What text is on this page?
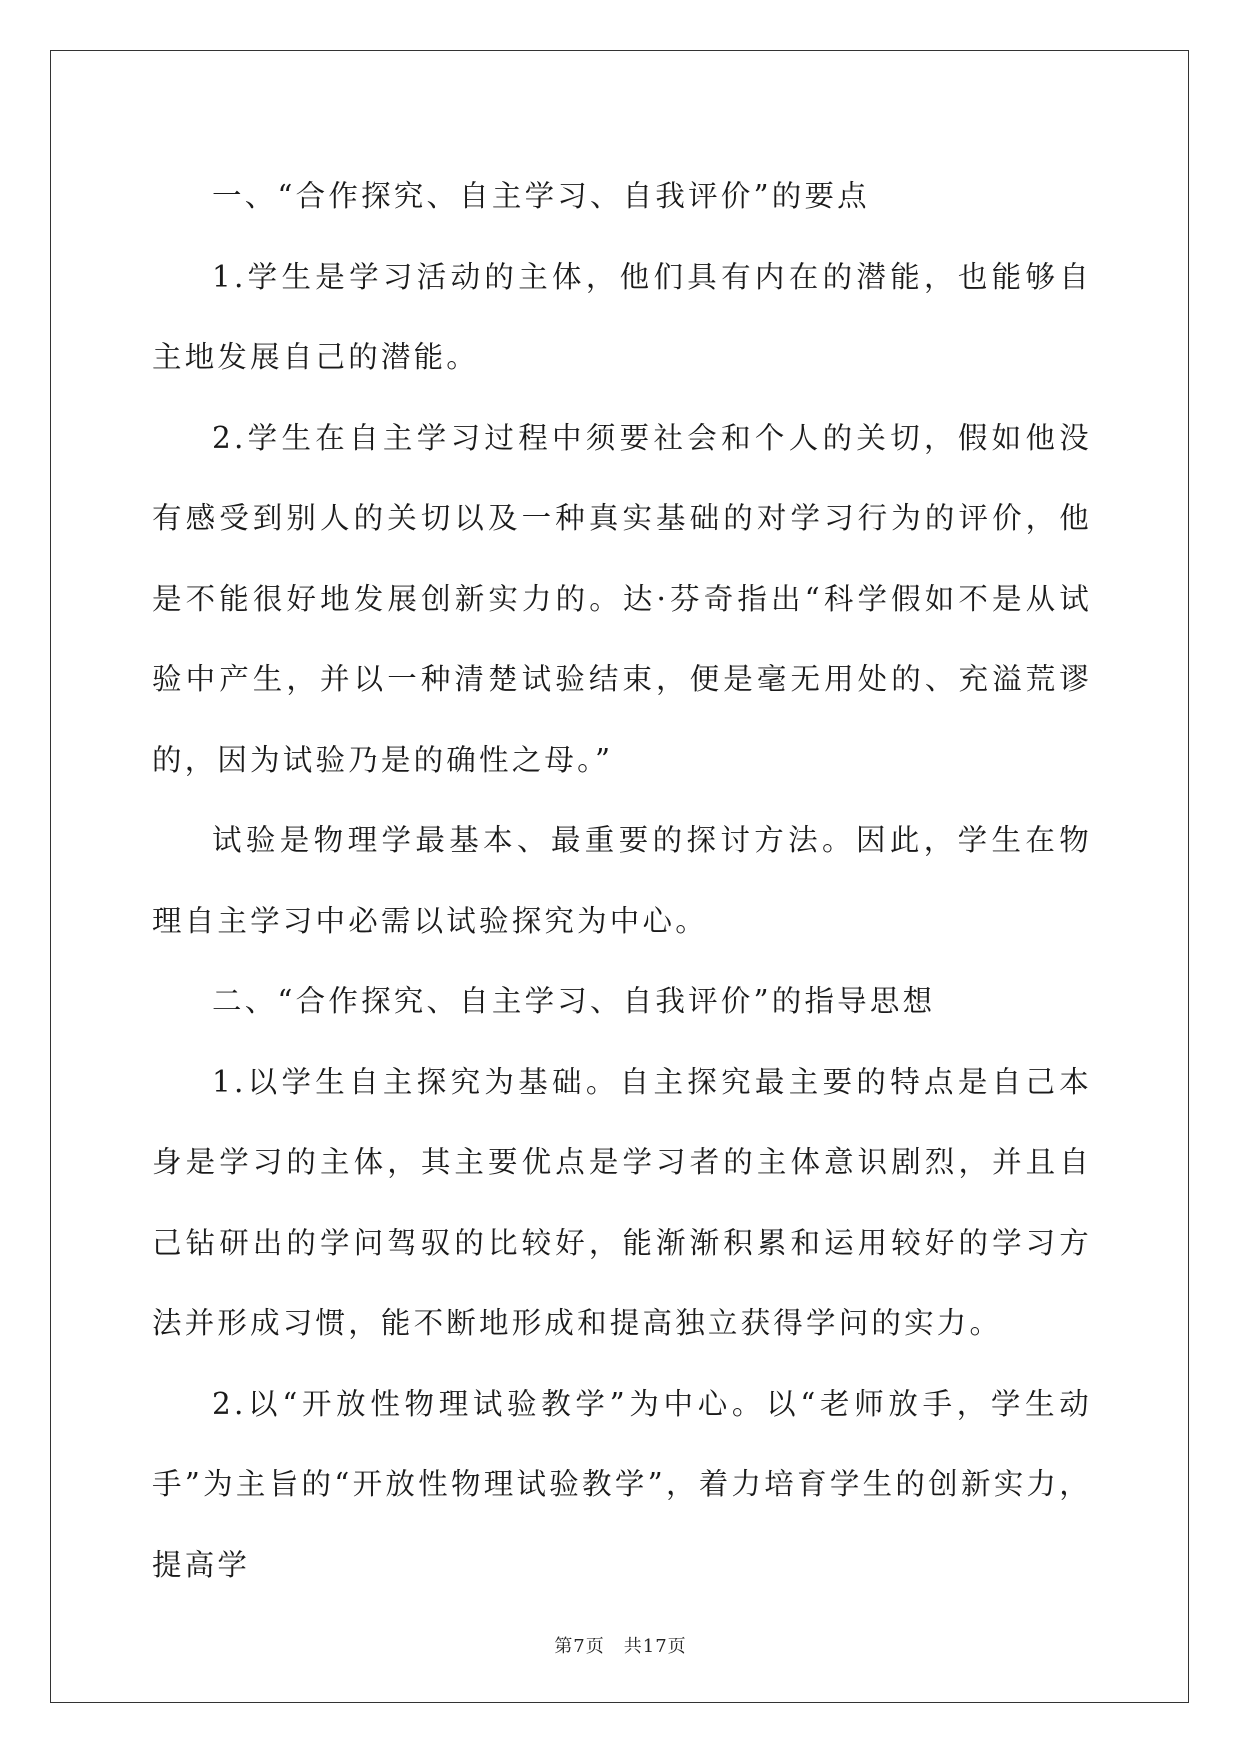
一、“合作探究、自主学习、自我评价”的要点

1.学生是学习活动的主体，他们具有内在的潜能，也能够自主地发展自己的潜能。

2.学生在自主学习过程中须要社会和个人的关切，假如他没有感受到别人的关切以及一种真实基础的对学习行为的评价，他是不能很好地发展创新实力的。达·芬奇指出“科学假如不是从试验中产生，并以一种清楚试验结束，便是毫无用处的、充溢荒谬的，因为试验乃是的确性之母。”

试验是物理学最基本、最重要的探讨方法。因此，学生在物理自主学习中必需以试验探究为中心。

二、“合作探究、自主学习、自我评价”的指导思想

1.以学生自主探究为基础。自主探究最主要的特点是自己本身是学习的主体，其主要优点是学习者的主体意识剧烈，并且自己钻研出的学问驾驭的比较好，能渐渐积累和运用较好的学习方法并形成习惯，能不断地形成和提高独立获得学问的实力。

2.以“开放性物理试验教学”为中心。以“老师放手，学生动手”为主旨的“开放性物理试验教学”，着力培育学生的创新实力，提高学

第7页　共17页
